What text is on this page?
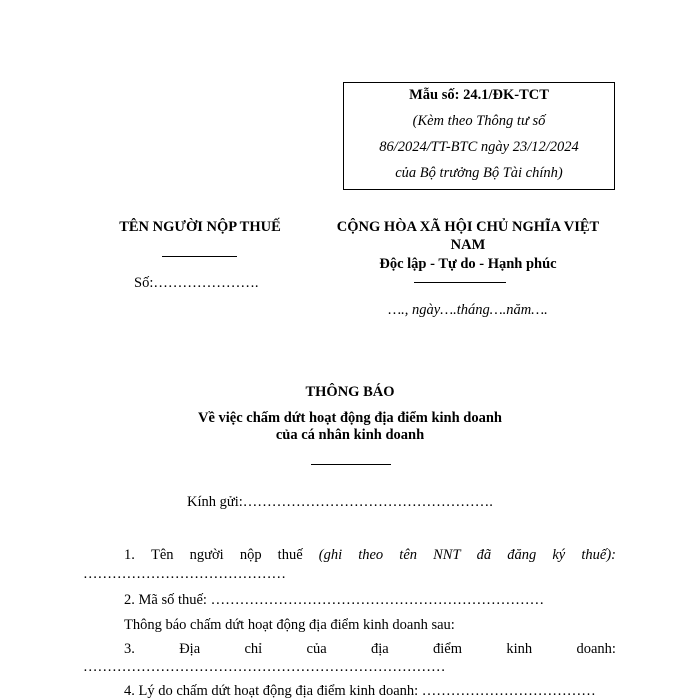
Mẫu số: 24.1/ĐK-TCT
(Kèm theo Thông tư số
86/2024/TT-BTC ngày 23/12/2024
của Bộ trưởng Bộ Tài chính)
TÊN NGƯỜI NỘP THUẾ
Số:………………….
CỘNG HÒA XÃ HỘI CHỦ NGHĨA VIỆT
NAM
Độc lập - Tự do - Hạnh phúc
…., ngày….tháng….năm….
THÔNG BÁO
Về việc chấm dứt hoạt động địa điểm kinh doanh
của cá nhân kinh doanh
Kính gửi:…………………………………………….
1. Tên người nộp thuế (ghi theo tên NNT đã đăng ký thuế):
……………………………………
2. Mã số thuế: ……………………………………………………………
Thông báo chấm dứt hoạt động địa điểm kinh doanh sau:
3.	Địa	chỉ	của	địa	điểm	kinh	doanh:
…………………………………………………………………
4. Lý do chấm dứt hoạt động địa điểm kinh doanh: ………………………………
